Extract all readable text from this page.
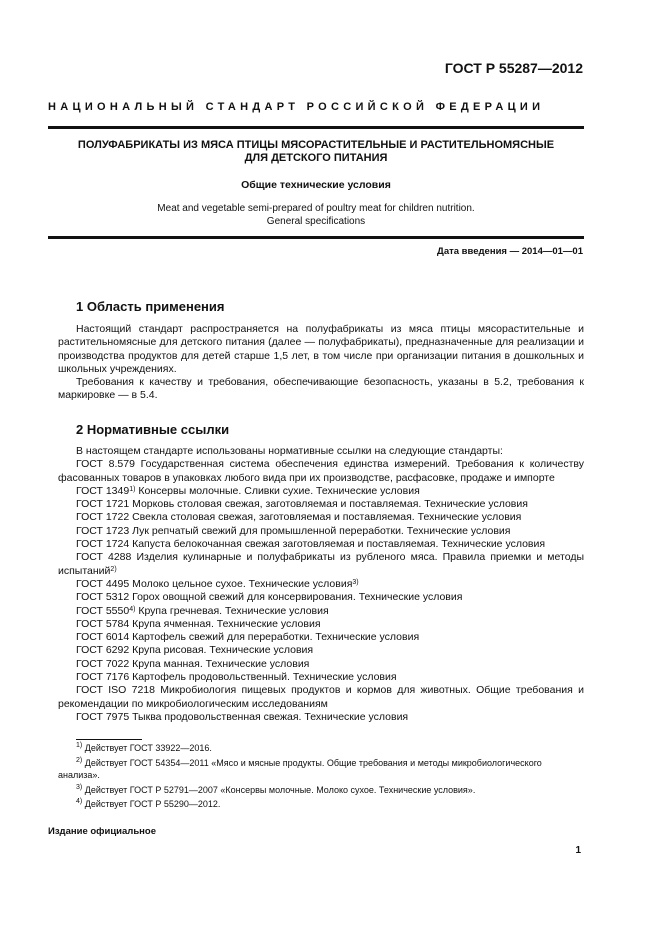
ГОСТ Р 55287—2012
НАЦИОНАЛЬНЫЙ СТАНДАРТ РОССИЙСКОЙ ФЕДЕРАЦИИ
ПОЛУФАБРИКАТЫ ИЗ МЯСА ПТИЦЫ МЯСОРАСТИТЕЛЬНЫЕ И РАСТИТЕЛЬНОМЯСНЫЕ
ДЛЯ ДЕТСКОГО ПИТАНИЯ
Общие технические условия
Meat and vegetable semi-prepared of poultry meat for children nutrition.
General specifications
Дата введения — 2014—01—01
1 Область применения

Настоящий стандарт распространяется на полуфабрикаты из мяса птицы мясорастительные и растительномясные для детского питания (далее — полуфабрикаты), предназначенные для реализации и производства продуктов для детей старше 1,5 лет, в том числе при организации питания в дошкольных и школьных учреждениях.

Требования к качеству и требования, обеспечивающие безопасность, указаны в 5.2, требования к маркировке — в 5.4.

2 Нормативные ссылки

В настоящем стандарте использованы нормативные ссылки на следующие стандарты:

ГОСТ 8.579 Государственная система обеспечения единства измерений. Требования к количеству фасованных товаров в упаковках любого вида при их производстве, расфасовке, продаже и импорте

ГОСТ 1349$^{1)}$ Консервы молочные. Сливки сухие. Технические условия

ГОСТ 1721 Морковь столовая свежая, заготовляемая и поставляемая. Технические условия

ГОСТ 1722 Свекла столовая свежая, заготовляемая и поставляемая. Технические условия

ГОСТ 1723 Лук репчатый свежий для промышленной переработки. Технические условия

ГОСТ 1724 Капуста белокочанная свежая заготовляемая и поставляемая. Технические условия

ГОСТ 4288 Изделия кулинарные и полуфабрикаты из рубленого мяса. Правила приемки и методы испытаний$^{2)}$

ГОСТ 4495 Молоко цельное сухое. Технические условия$^{3)}$

ГОСТ 5312 Горох овощной свежий для консервирования. Технические условия

ГОСТ 5550$^{4)}$ Крупа гречневая. Технические условия

ГОСТ 5784 Крупа ячменная. Технические условия

ГОСТ 6014 Картофель свежий для переработки. Технические условия

ГОСТ 6292 Крупа рисовая. Технические условия

ГОСТ 7022 Крупа манная. Технические условия

ГОСТ 7176 Картофель продовольственный. Технические условия

ГОСТ ISO 7218 Микробиология пищевых продуктов и кормов для животных. Общие требования и рекомендации по микробиологическим исследованиям

ГОСТ 7975 Тыква продовольственная свежая. Технические условия

$^{1)}$ Действует ГОСТ 33922—2016.

$^{2)}$ Действует ГОСТ 54354—2011 «Мясо и мясные продукты. Общие требования и методы микробиологического анализа».

$^{3)}$ Действует ГОСТ Р 52791—2007 «Консервы молочные. Молоко сухое. Технические условия».

$^{4)}$ Действует ГОСТ Р 55290—2012.

Издание официальное
1
